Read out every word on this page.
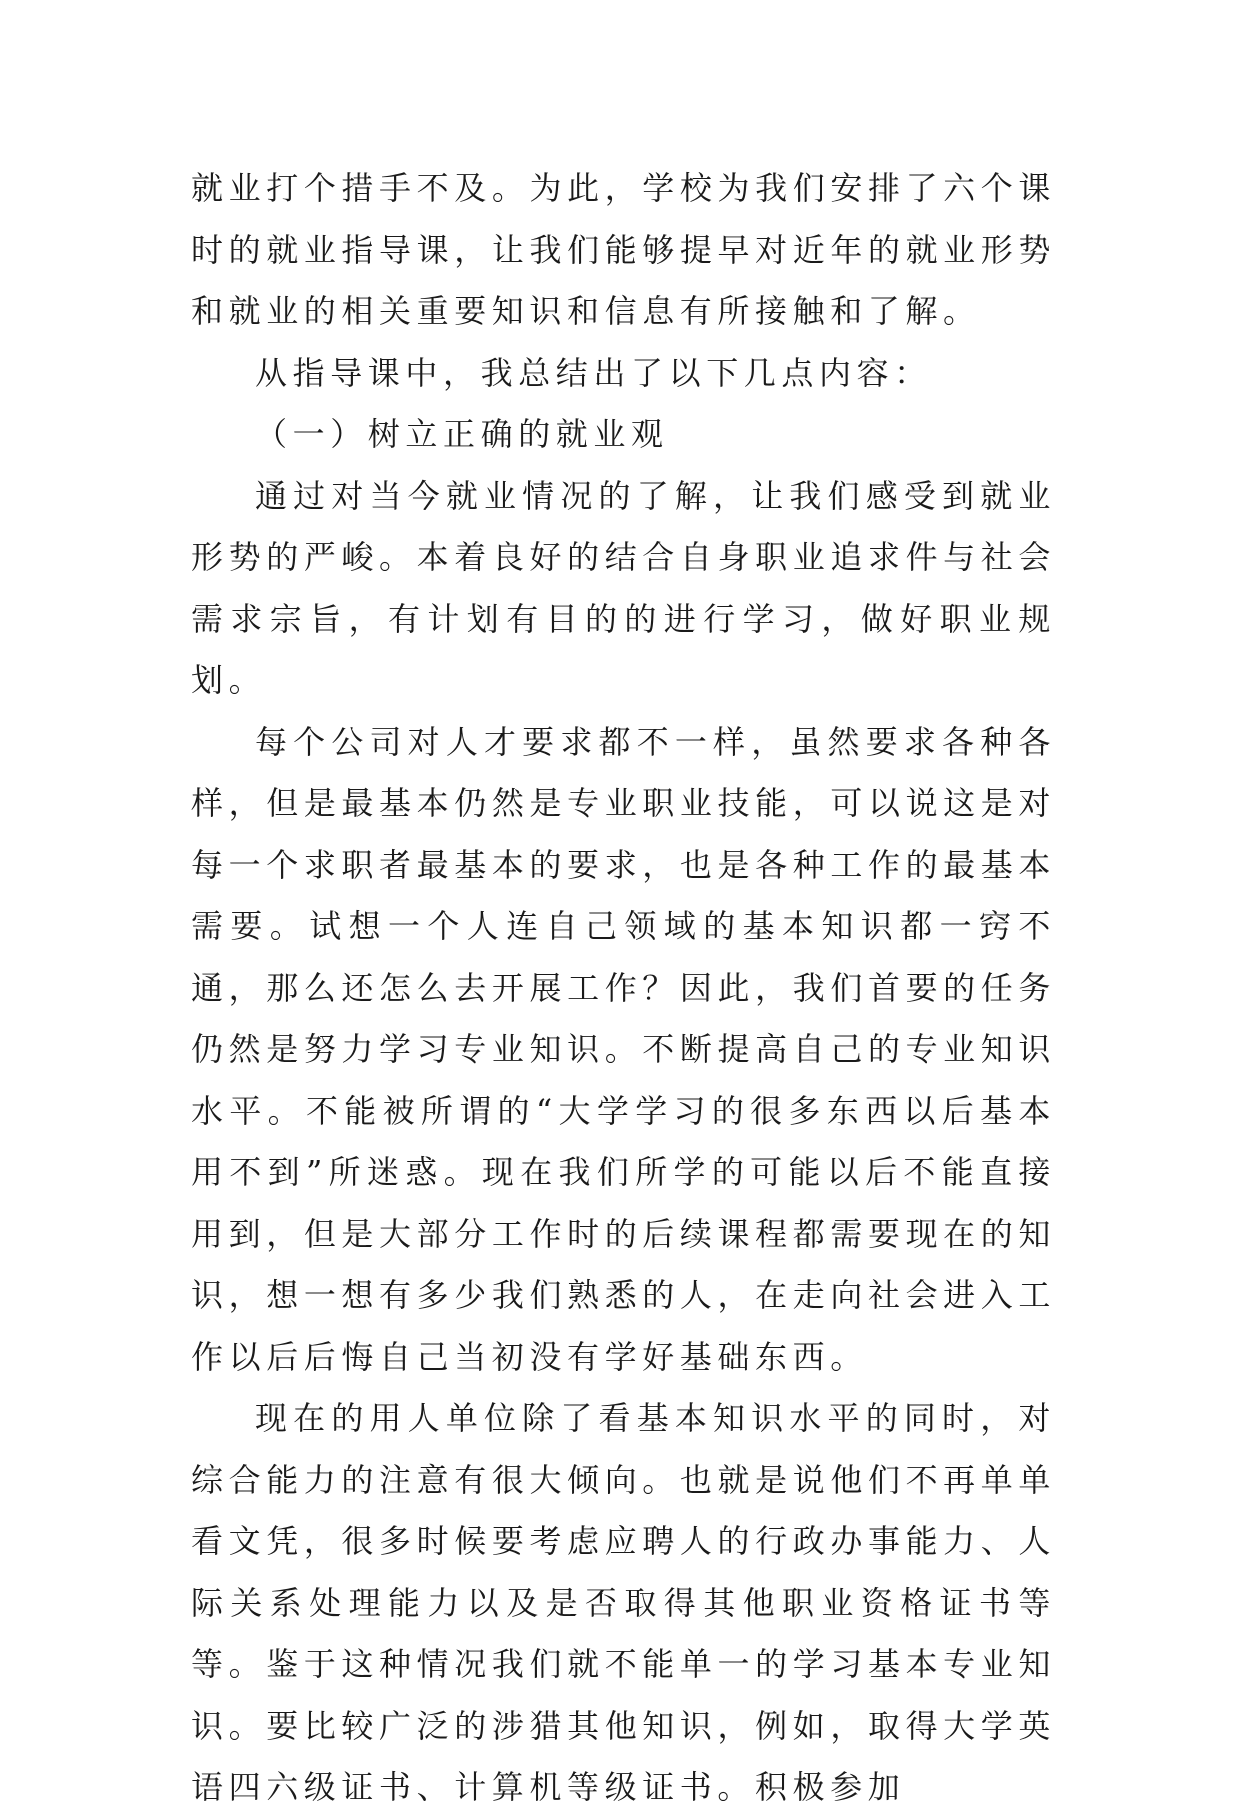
就业打个措手不及。为此，学校为我们安排了六个课时的就业指导课，让我们能够提早对近年的就业形势和就业的相关重要知识和信息有所接触和了解。

从指导课中，我总结出了以下几点内容：

（一）树立正确的就业观

通过对当今就业情况的了解，让我们感受到就业形势的严峻。本着良好的结合自身职业追求件与社会需求宗旨，有计划有目的的进行学习，做好职业规划。

每个公司对人才要求都不一样，虽然要求各种各样，但是最基本仍然是专业职业技能，可以说这是对每一个求职者最基本的要求，也是各种工作的最基本需要。试想一个人连自己领域的基本知识都一窍不通，那么还怎么去开展工作？因此，我们首要的任务仍然是努力学习专业知识。不断提高自己的专业知识水平。不能被所谓的“大学学习的很多东西以后基本用不到”所迷惑。现在我们所学的可能以后不能直接用到，但是大部分工作时的后续课程都需要现在的知识，想一想有多少我们熟悉的人，在走向社会进入工作以后后悔自己当初没有学好基础东西。

现在的用人单位除了看基本知识水平的同时，对综合能力的注意有很大倾向。也就是说他们不再单单看文凭，很多时候要考虑应聘人的行政办事能力、人际关系处理能力以及是否取得其他职业资格证书等等。鉴于这种情况我们就不能单一的学习基本专业知识。要比较广泛的涉猎其他知识，例如，取得大学英语四六级证书、计算机等级证书。积极参加
